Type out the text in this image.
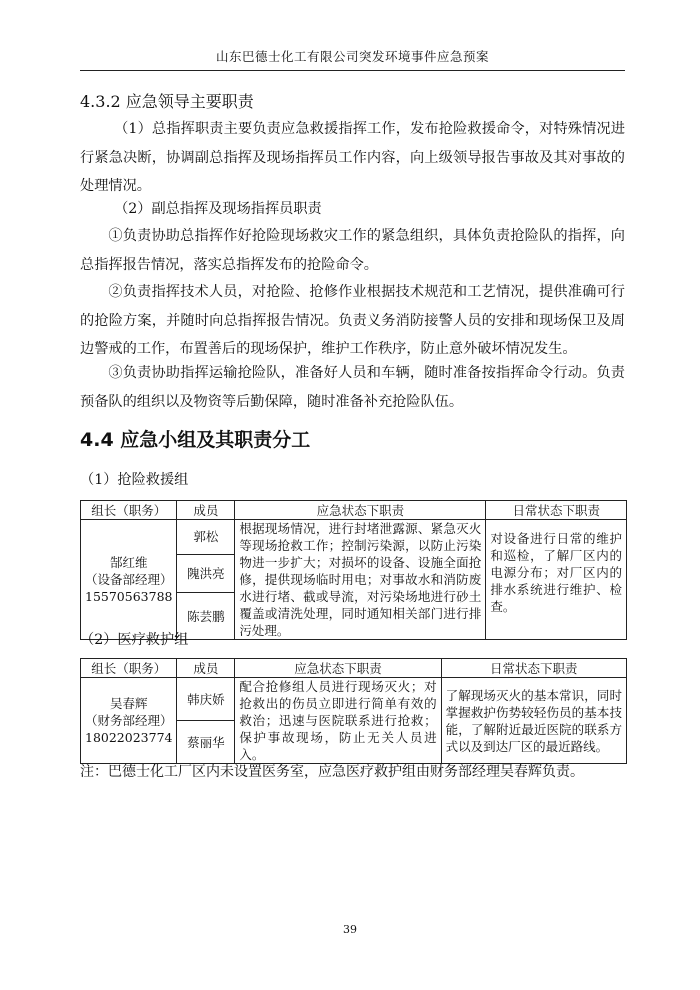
山东巴德士化工有限公司突发环境事件应急预案
4.3.2 应急领导主要职责

（1）总指挥职责主要负责应急救援指挥工作，发布抢险救援命令，对特殊情况进行紧急决断，协调副总指挥及现场指挥员工作内容，向上级领导报告事故及其对事故的处理情况。

（2）副总指挥及现场指挥员职责

①负责协助总指挥作好抢险现场救灾工作的紧急组织，具体负责抢险队的指挥，向总指挥报告情况，落实总指挥发布的抢险命令。

②负责指挥技术人员，对抢险、抢修作业根据技术规范和工艺情况，提供准确可行的抢险方案，并随时向总指挥报告情况。负责义务消防接警人员的安排和现场保卫及周边警戒的工作，布置善后的现场保护，维护工作秩序，防止意外破坏情况发生。

③负责协助指挥运输抢险队，准备好人员和车辆，随时准备按指挥命令行动。负责预备队的组织以及物资等后勤保障，随时准备补充抢险队伍。

4.4 应急小组及其职责分工
（1）抢险救援组
组长（职务）	成员	应急状态下职责	日常状态下职责

郜红维
（设备部经理）
15570563788	郭松	根据现场情况，进行封堵泄露源、紧急灭火等现场抢救工作；控制污染源，以防止污染物进一步扩大；对损坏的设备、设施全面抢修，提供现场临时用电；对事故水和消防废水进行堵、截或导流，对污染场地进行砂土覆盖或清洗处理，同时通知相关部门进行排污处理。	对设备进行日常的维护和巡检，了解厂区内的电源分布；对厂区内的排水系统进行维护、检查。

	隗洪亮		
	陈芸鹏		
（2）医疗救护组
组长（职务）	成员	应急状态下职责	日常状态下职责

吴春辉
（财务部经理）
18022023774	韩庆娇	配合抢修组人员进行现场灭火；对抢救出的伤员立即进行简单有效的救治；迅速与医院联系进行抢救；保护事故现场，防止无关人员进入。	了解现场灭火的基本常识，同时掌握救护伤势较轻伤员的基本技能，了解附近最近医院的联系方式以及到达厂区的最近路线。

	蔡丽华		
注：巴德士化工厂区内未设置医务室，应急医疗救护组由财务部经理吴春辉负责。
39
